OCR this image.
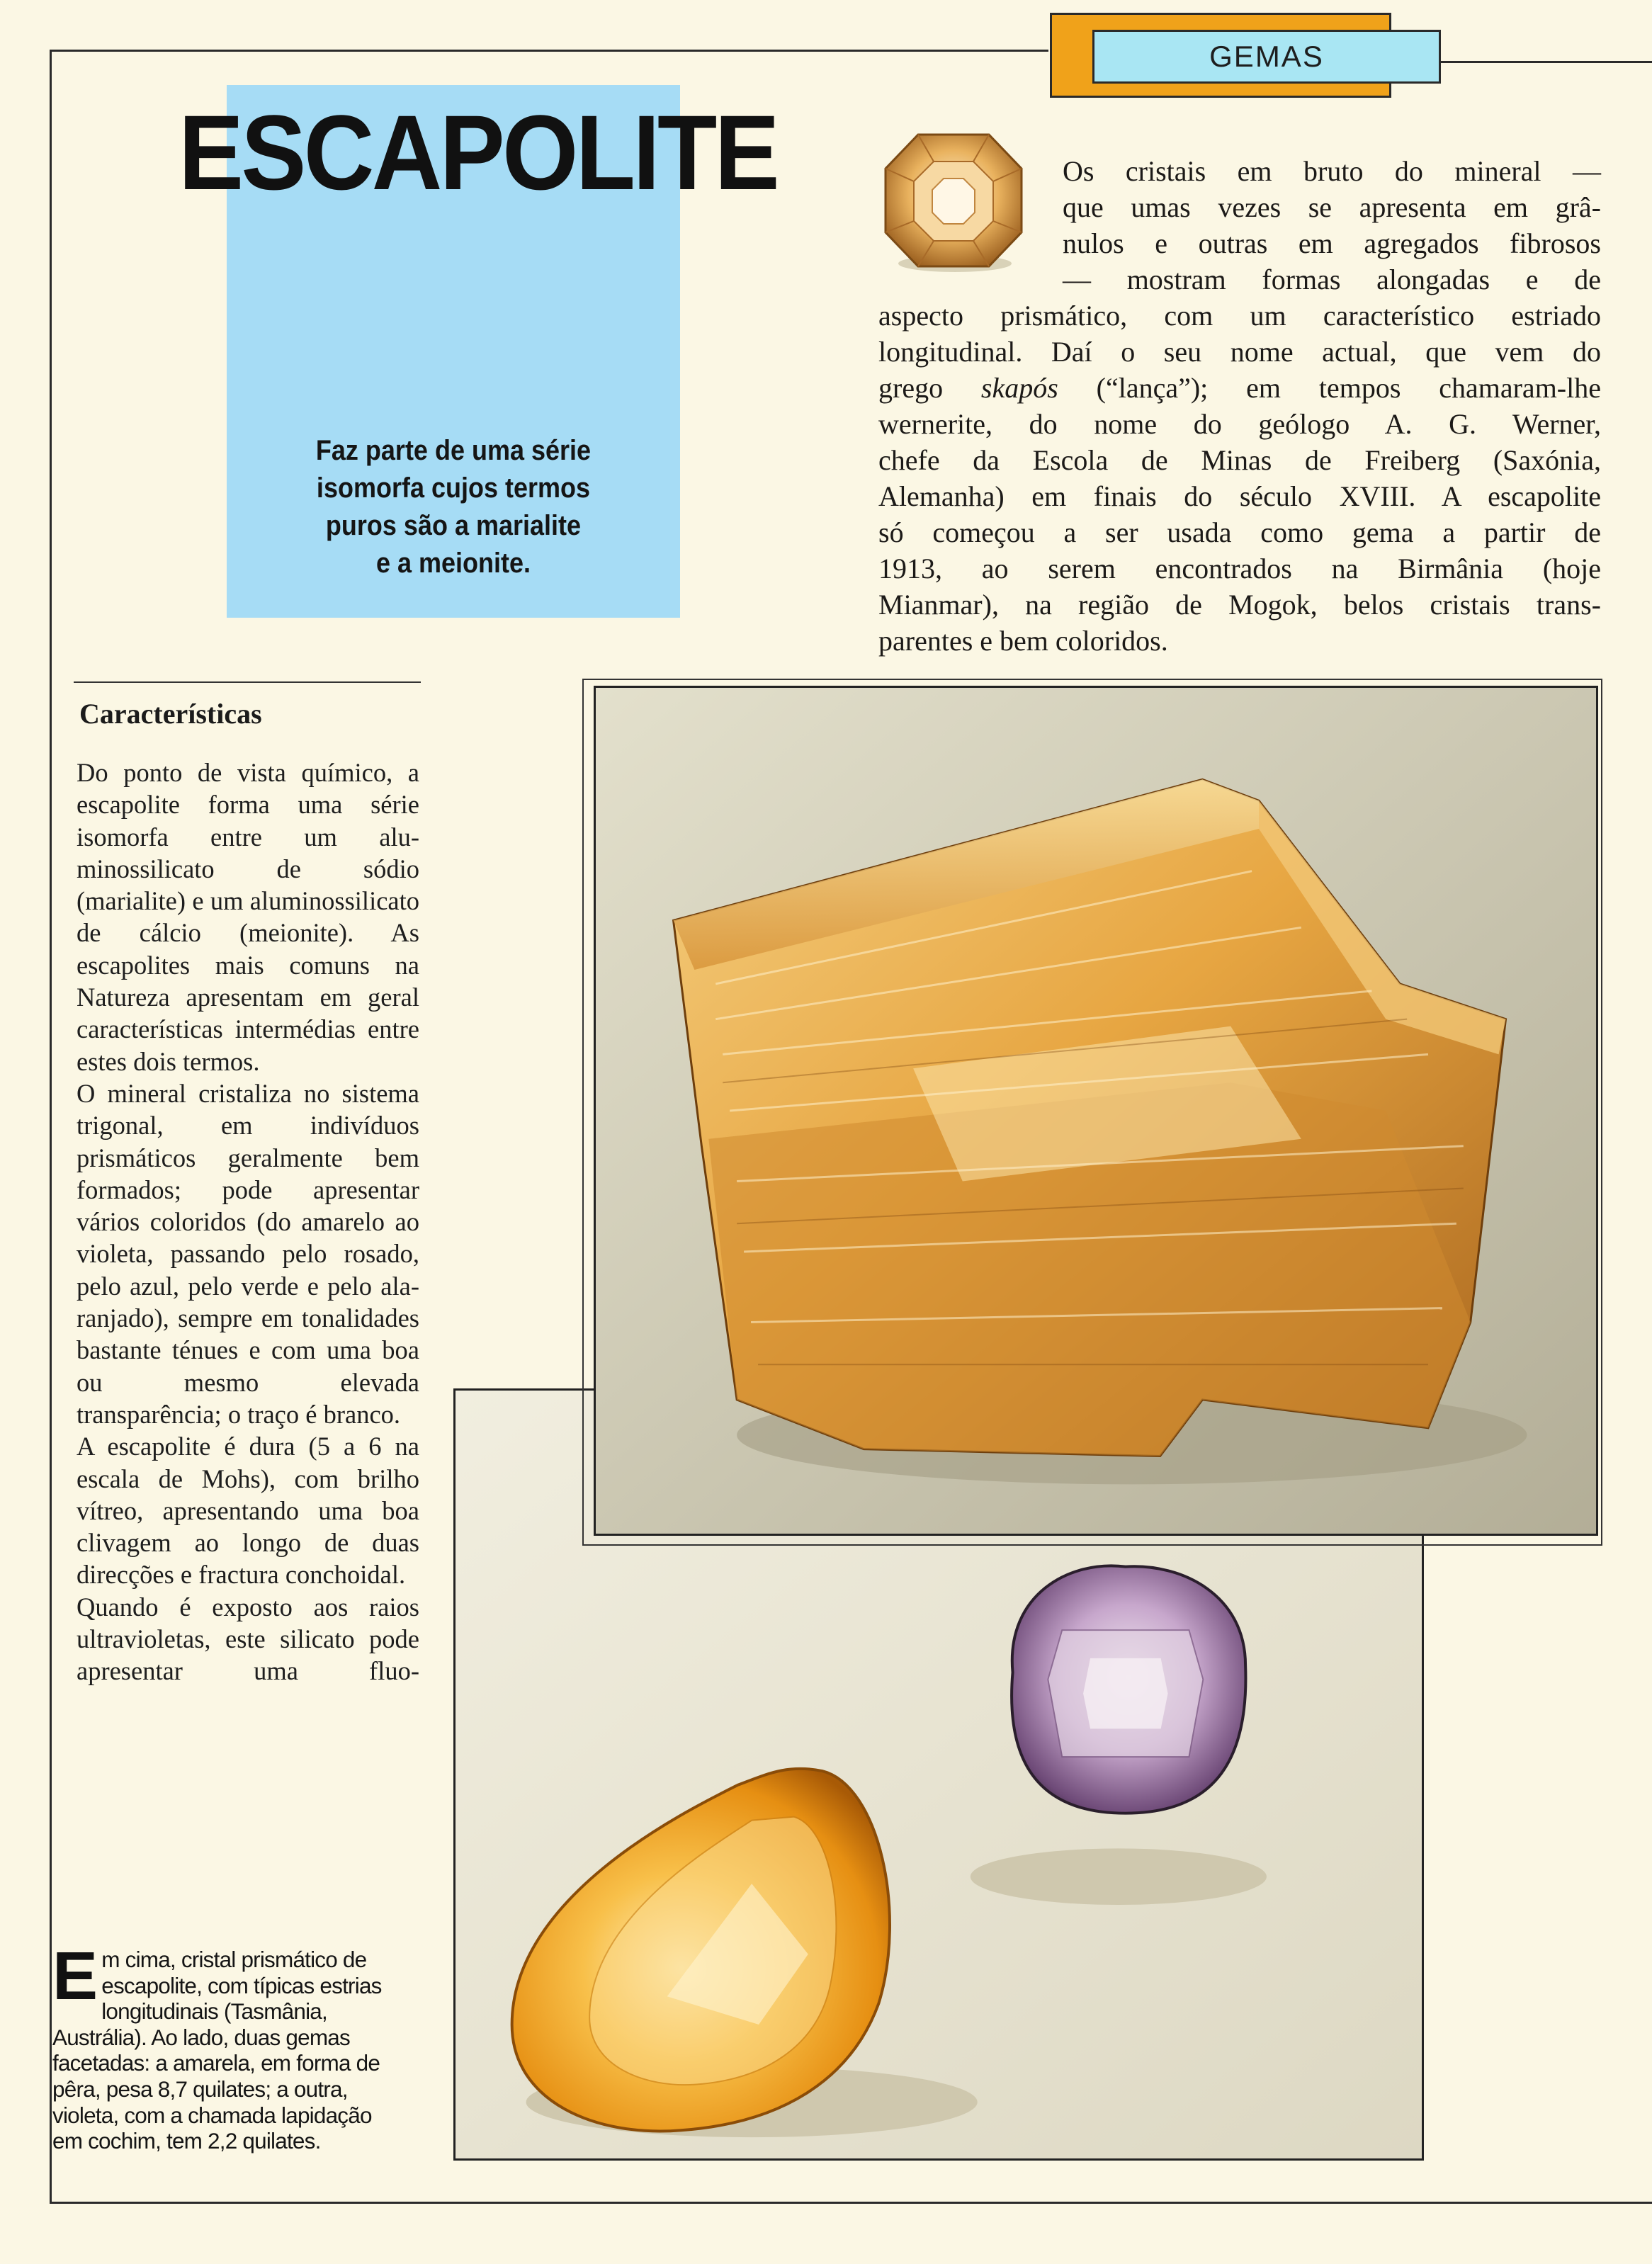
GEMAS
ESCAPOLITE
Faz parte de uma série
isomorfa cujos termos
puros são a marialite
e a meionite.
Os cristais em bruto do mineral —
que umas vezes se apresenta em grâ-
nulos e outras em agregados fibrosos
— mostram formas alongadas e de
aspecto prismático, com um característico estriado
longitudinal. Daí o seu nome actual, que vem do
grego skapós (“lança”); em tempos chamaram-lhe
wernerite, do nome do geólogo A. G. Werner,
chefe da Escola de Minas de Freiberg (Saxónia,
Alemanha) em finais do século XVIII. A escapolite
só começou a ser usada como gema a partir de
1913, ao serem encontrados na Birmânia (hoje
Mianmar), na região de Mogok, belos cristais trans-
parentes e bem coloridos.
Características

Do ponto de vista químico, a escapolite forma uma série isomorfa entre um aluminossilicato de sódio (marialite) e um aluminossilicato de cálcio (meionite). As escapolites mais comuns na Natureza apresentam em geral características intermédias entre estes dois termos.

O mineral cristaliza no sistema trigonal, em indivíduos prismáticos geralmente bem formados; pode apresentar vários coloridos (do amarelo ao violeta, passando pelo rosado, pelo azul, pelo verde e pelo alaranjado), sempre em tonalidades bastante ténues e com uma boa ou mesmo elevada transparência; o traço é branco.

A escapolite é dura (5 a 6 na escala de Mohs), com brilho vítreo, apresentando uma boa clivagem ao longo de duas direcções e fractura conchoidal.

Quando é exposto aos raios ultravioletas, este silicato pode apresentar uma fluo-

Em cima, cristal prismático de escapolite, com típicas estrias longitudinais (Tasmânia, Austrália). Ao lado, duas gemas facetadas: a amarela, em forma de pêra, pesa 8,7 quilates; a outra, violeta, com a chamada lapidação em cochim, tem 2,2 quilates.
